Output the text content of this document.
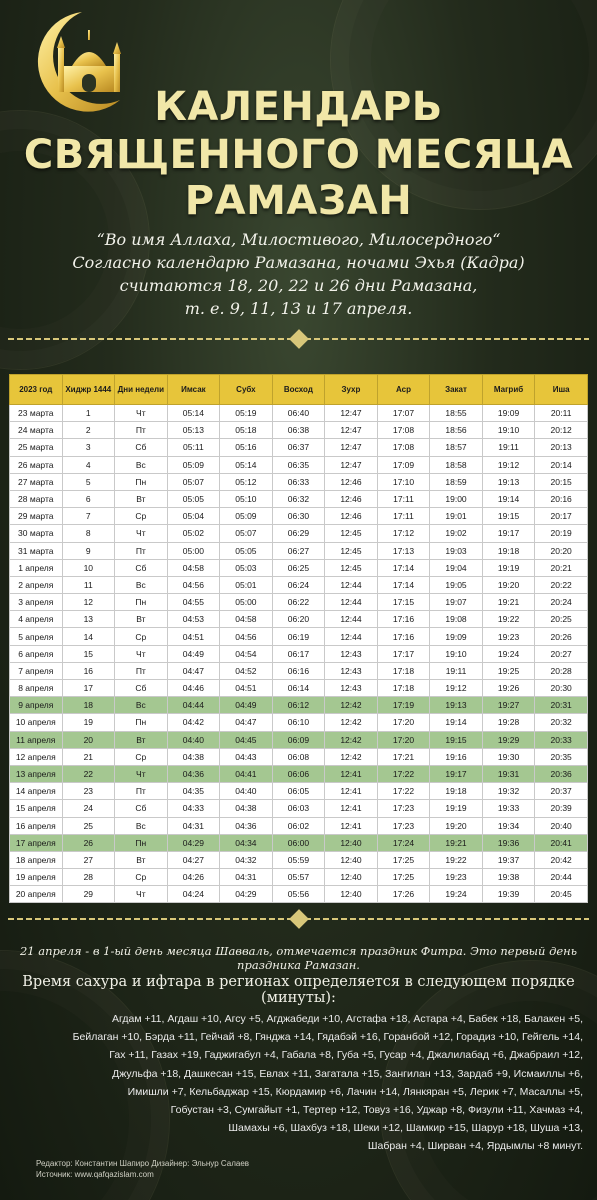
КАЛЕНДАРЬ
СВЯЩЕННОГО МЕСЯЦА
РАМАЗАН
“Во имя Аллаха, Милостивого, Милосердного“
Согласно календарю Рамазана, ночами Эхья (Кадра)
считаются 18, 20, 22 и 26 дни Рамазана,
т. е. 9, 11, 13 и 17 апреля.
2023 год	Хиджр 1444	Дни недели	Имсак	Субх	Восход	Зухр	Аср	Закат	Магриб	Иша
23 марта	1	Чт	05:14	05:19	06:40	12:47	17:07	18:55	19:09	20:11
24 марта	2	Пт	05:13	05:18	06:38	12:47	17:08	18:56	19:10	20:12
25 марта	3	Сб	05:11	05:16	06:37	12:47	17:08	18:57	19:11	20:13
26 марта	4	Вс	05:09	05:14	06:35	12:47	17:09	18:58	19:12	20:14
27 марта	5	Пн	05:07	05:12	06:33	12:46	17:10	18:59	19:13	20:15
28 марта	6	Вт	05:05	05:10	06:32	12:46	17:11	19:00	19:14	20:16
29 марта	7	Ср	05:04	05:09	06:30	12:46	17:11	19:01	19:15	20:17
30 марта	8	Чт	05:02	05:07	06:29	12:45	17:12	19:02	19:17	20:19
31 марта	9	Пт	05:00	05:05	06:27	12:45	17:13	19:03	19:18	20:20
1 апреля	10	Сб	04:58	05:03	06:25	12:45	17:14	19:04	19:19	20:21
2 апреля	11	Вс	04:56	05:01	06:24	12:44	17:14	19:05	19:20	20:22
3 апреля	12	Пн	04:55	05:00	06:22	12:44	17:15	19:07	19:21	20:24
4 апреля	13	Вт	04:53	04:58	06:20	12:44	17:16	19:08	19:22	20:25
5 апреля	14	Ср	04:51	04:56	06:19	12:44	17:16	19:09	19:23	20:26
6 апреля	15	Чт	04:49	04:54	06:17	12:43	17:17	19:10	19:24	20:27
7 апреля	16	Пт	04:47	04:52	06:16	12:43	17:18	19:11	19:25	20:28
8 апреля	17	Сб	04:46	04:51	06:14	12:43	17:18	19:12	19:26	20:30
9 апреля	18	Вс	04:44	04:49	06:12	12:42	17:19	19:13	19:27	20:31
10 апреля	19	Пн	04:42	04:47	06:10	12:42	17:20	19:14	19:28	20:32
11 апреля	20	Вт	04:40	04:45	06:09	12:42	17:20	19:15	19:29	20:33
12 апреля	21	Ср	04:38	04:43	06:08	12:42	17:21	19:16	19:30	20:35
13 апреля	22	Чт	04:36	04:41	06:06	12:41	17:22	19:17	19:31	20:36
14 апреля	23	Пт	04:35	04:40	06:05	12:41	17:22	19:18	19:32	20:37
15 апреля	24	Сб	04:33	04:38	06:03	12:41	17:23	19:19	19:33	20:39
16 апреля	25	Вс	04:31	04:36	06:02	12:41	17:23	19:20	19:34	20:40
17 апреля	26	Пн	04:29	04:34	06:00	12:40	17:24	19:21	19:36	20:41
18 апреля	27	Вт	04:27	04:32	05:59	12:40	17:25	19:22	19:37	20:42
19 апреля	28	Ср	04:26	04:31	05:57	12:40	17:25	19:23	19:38	20:44
20 апреля	29	Чт	04:24	04:29	05:56	12:40	17:26	19:24	19:39	20:45
21 апреля - в 1-ый день месяца Шавваль, отмечается праздник Фитра. Это первый день праздника Рамазан.
Время сахура и ифтара в регионах определяется в следующем порядке (минуты):
Агдам +11, Агдаш +10, Агсу +5, Агджабеди +10, Агстафа +18, Астара +4, Бабек +18, Балакен +5,
Бейлаган +10, Бэрда +11, Гейчай +8, Гянджа +14, Гядабэй +16, Горанбой +12, Горадиз +10, Гейгель +14,
Гах +11, Газах +19, Гаджигабул +4, Габала +8, Губа +5, Гусар +4, Джалилабад +6, Джабраил +12,
Джульфа +18, Дашкесан +15, Евлах +11, Загатала +15, Зангилан +13, Зардаб +9, Исмаиллы +6,
Имишли +7, Кельбаджар +15, Кюрдамир +6, Лачин +14, Лянкяран +5, Лерик +7, Масаллы +5,
Гобустан +3, Сумгайыт +1, Тертер +12, Товуз +16, Уджар +8, Физули +11, Хачмаз +4,
Шамахы +6, Шахбуз +18, Шеки +12, Шамкир +15, Шарур +18, Шуша +13,
Шабран +4, Ширван +4, Ярдымлы +8 минут.
Редактор: Константин Шапиро Дизайнер: Эльнур Салаев
Источник: www.qafqazislam.com
